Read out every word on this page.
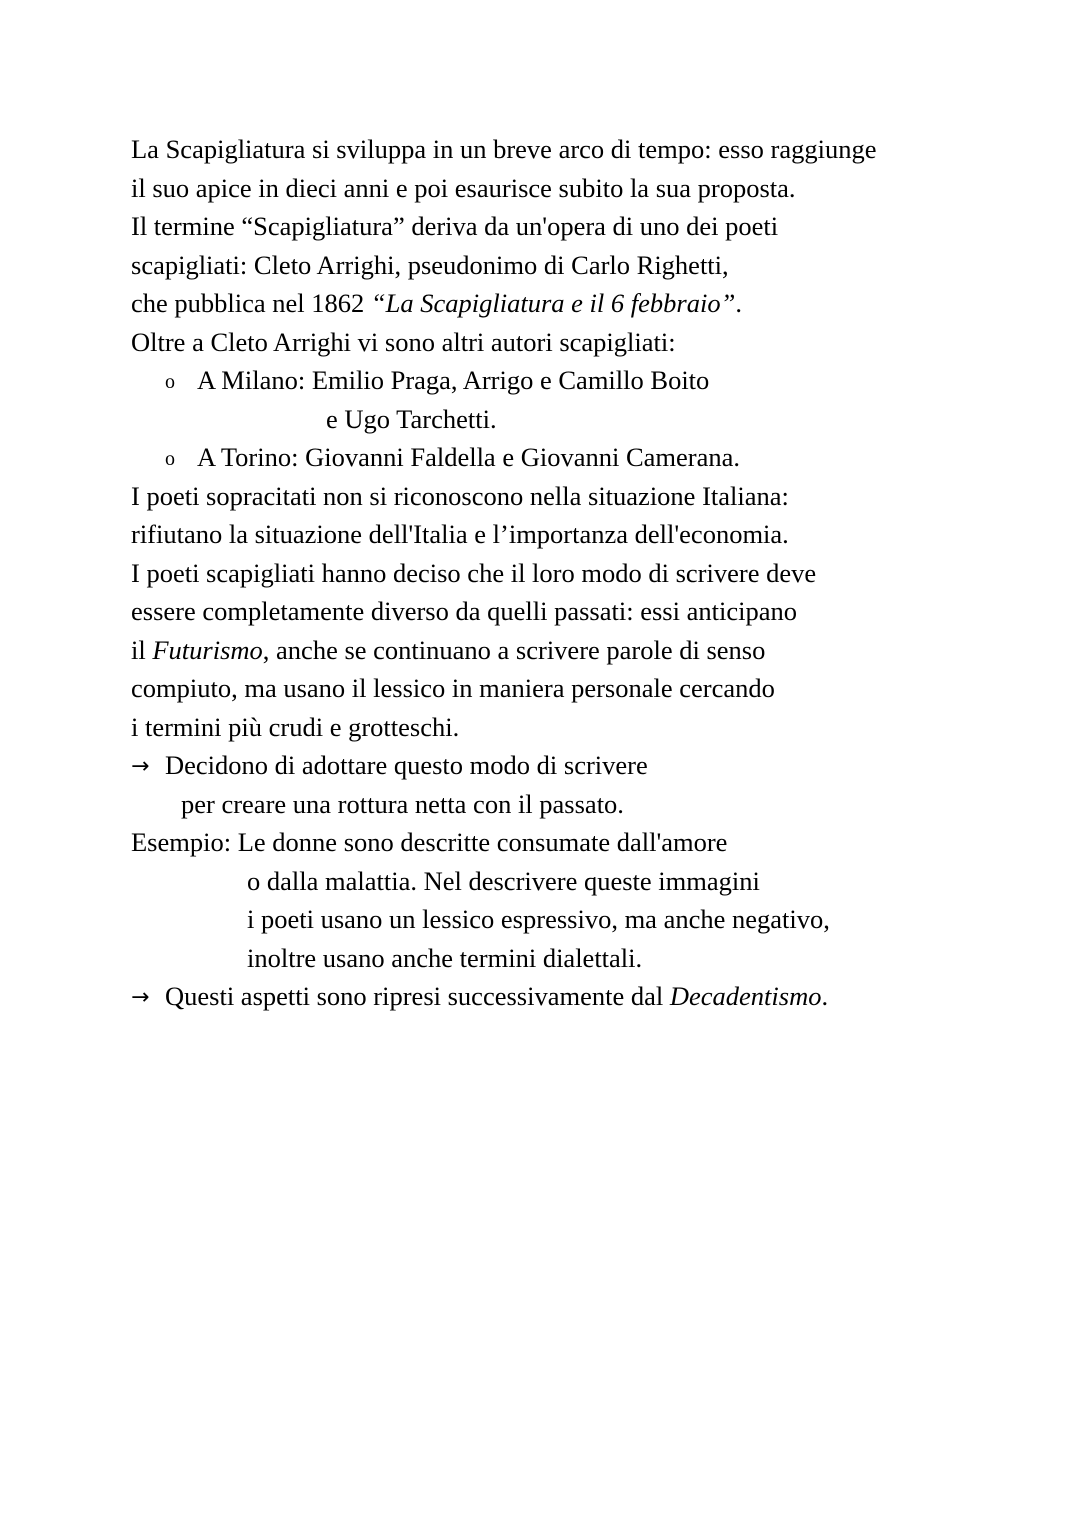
La Scapigliatura si sviluppa in un breve arco di tempo: esso raggiunge
il suo apice in dieci anni e poi esaurisce subito la sua proposta.
Il termine “Scapigliatura” deriva da un'opera di uno dei poeti
scapigliati: Cleto Arrighi, pseudonimo di Carlo Righetti,
che pubblica nel 1862 “La Scapigliatura e il 6 febbraio”.
Oltre a Cleto Arrighi vi sono altri autori scapigliati:
o A Milano: Emilio Praga, Arrigo e Camillo Boito
e Ugo Tarchetti.
o A Torino: Giovanni Faldella e Giovanni Camerana.
I poeti sopracitati non si riconoscono nella situazione Italiana:
rifiutano la situazione dell'Italia e l’importanza dell'economia.
I poeti scapigliati hanno deciso che il loro modo di scrivere deve
essere completamente diverso da quelli passati: essi anticipano
il Futurismo, anche se continuano a scrivere parole di senso
compiuto, ma usano il lessico in maniera personale cercando
i termini più crudi e grotteschi.
→ Decidono di adottare questo modo di scrivere
per creare una rottura netta con il passato.
Esempio: Le donne sono descritte consumate dall'amore
o dalla malattia. Nel descrivere queste immagini
i poeti usano un lessico espressivo, ma anche negativo,
inoltre usano anche termini dialettali.
→ Questi aspetti sono ripresi successivamente dal Decadentismo.
